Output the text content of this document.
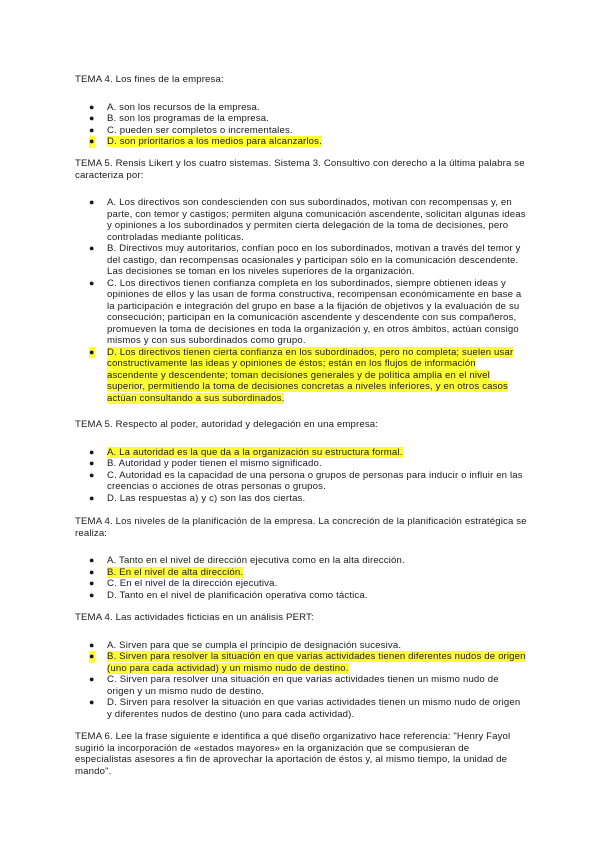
TEMA 4. Los fines de la empresa:

● A. son los recursos de la empresa.
● B. son los programas de la empresa.
● C. pueden ser completos o incrementales.
● D. son prioritarios a los medios para alcanzarlos.

TEMA 5. Rensis Likert y los cuatro sistemas. Sistema 3. Consultivo con derecho a la última palabra se caracteriza por:

● A. Los directivos son condescienden con sus subordinados, motivan con recompensas y, en parte, con temor y castigos; permiten alguna comunicación ascendente, solicitan algunas ideas y opiniones a los subordinados y permiten cierta delegación de la toma de decisiones, pero controladas mediante políticas.
● B. Directivos muy autoritarios, confían poco en los subordinados, motivan a través del temor y del castigo, dan recompensas ocasionales y participan sólo en la comunicación descendente. Las decisiones se toman en los niveles superiores de la organización.
● C. Los directivos tienen confianza completa en los subordinados, siempre obtienen ideas y opiniones de ellos y las usan de forma constructiva, recompensan económicamente en base a la participación e integración del grupo en base a la fijación de objetivos y la evaluación de su consecución; participan en la comunicación ascendente y descendente con sus compañeros, promueven la toma de decisiones en toda la organización y, en otros ámbitos, actúan consigo mismos y con sus subordinados como grupo.
● D. Los directivos tienen cierta confianza en los subordinados, pero no completa; suelen usar constructivamente las ideas y opiniones de éstos; están en los flujos de información ascendente y descendente; toman decisiones generales y de política amplia en el nivel superior, permitiendo la toma de decisiones concretas a niveles inferiores, y en otros casos actúan consultando a sus subordinados.

TEMA 5. Respecto al poder, autoridad y delegación en una empresa:

● A. La autoridad es la que da a la organización su estructura formal.
● B. Autoridad y poder tienen el mismo significado.
● C. Autoridad es la capacidad de una persona o grupos de personas para inducir o influir en las creencias o acciones de otras personas o grupos.
● D. Las respuestas a) y c) son las dos ciertas.

TEMA 4. Los niveles de la planificación de la empresa. La concreción de la planificación estratégica se realiza:

● A. Tanto en el nivel de dirección ejecutiva como en la alta dirección.
● B. En el nivel de alta dirección.
● C. En el nivel de la dirección ejecutiva.
● D. Tanto en el nivel de planificación operativa como táctica.

TEMA 4. Las actividades ficticias en un análisis PERT:

● A. Sirven para que se cumpla el principio de designación sucesiva.
● B. Sirven para resolver la situación en que varias actividades tienen diferentes nudos de origen (uno para cada actividad) y un mismo nudo de destino.
● C. Sirven para resolver una situación en que varias actividades tienen un mismo nudo de origen y un mismo nudo de destino.
● D. Sirven para resolver la situación en que varias actividades tienen un mismo nudo de origen y diferentes nudos de destino (uno para cada actividad).

TEMA 6. Lee la frase siguiente e identifica a qué diseño organizativo hace referencia: "Henry Fayol sugirió la incorporación de «estados mayores» en la organización que se compusieran de especialistas asesores a fin de aprovechar la aportación de éstos y, al mismo tiempo, la unidad de mando".
